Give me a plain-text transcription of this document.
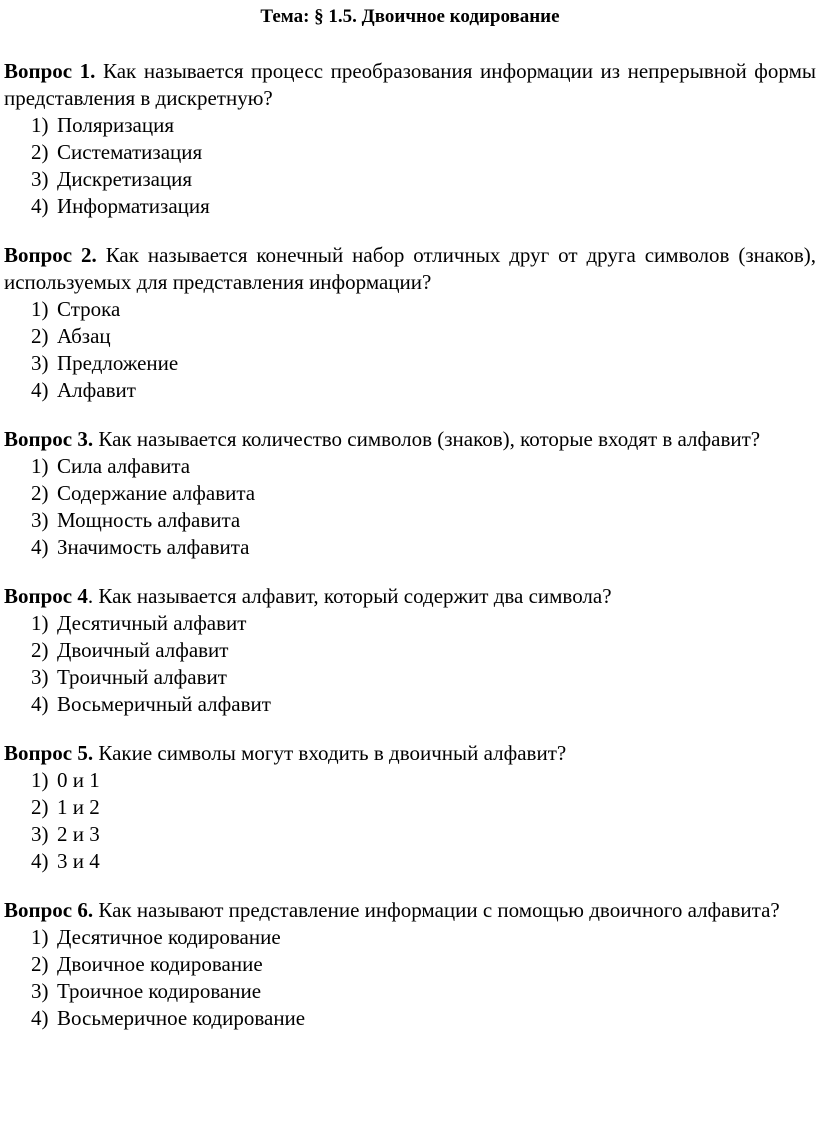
Тема: § 1.5. Двоичное кодирование

Вопрос 1. Как называется процесс преобразования информации из непрерывной формы представления в дискретную?

1) Поляризация
2) Систематизация
3) Дискретизация
4) Информатизация

Вопрос 2. Как называется конечный набор отличных друг от друга символов (знаков), используемых для представления информации?

1) Строка
2) Абзац
3) Предложение
4) Алфавит

Вопрос 3. Как называется количество символов (знаков), которые входят в алфавит?

1) Сила алфавита
2) Содержание алфавита
3) Мощность алфавита
4) Значимость алфавита

Вопрос 4. Как называется алфавит, который содержит два символа?

1) Десятичный алфавит
2) Двоичный алфавит
3) Троичный алфавит
4) Восьмеричный алфавит

Вопрос 5. Какие символы могут входить в двоичный алфавит?

1) 0 и 1
2) 1 и 2
3) 2 и 3
4) 3 и 4

Вопрос 6. Как называют представление информации с помощью двоичного алфавита?

1) Десятичное кодирование
2) Двоичное кодирование
3) Троичное кодирование
4) Восьмеричное кодирование
